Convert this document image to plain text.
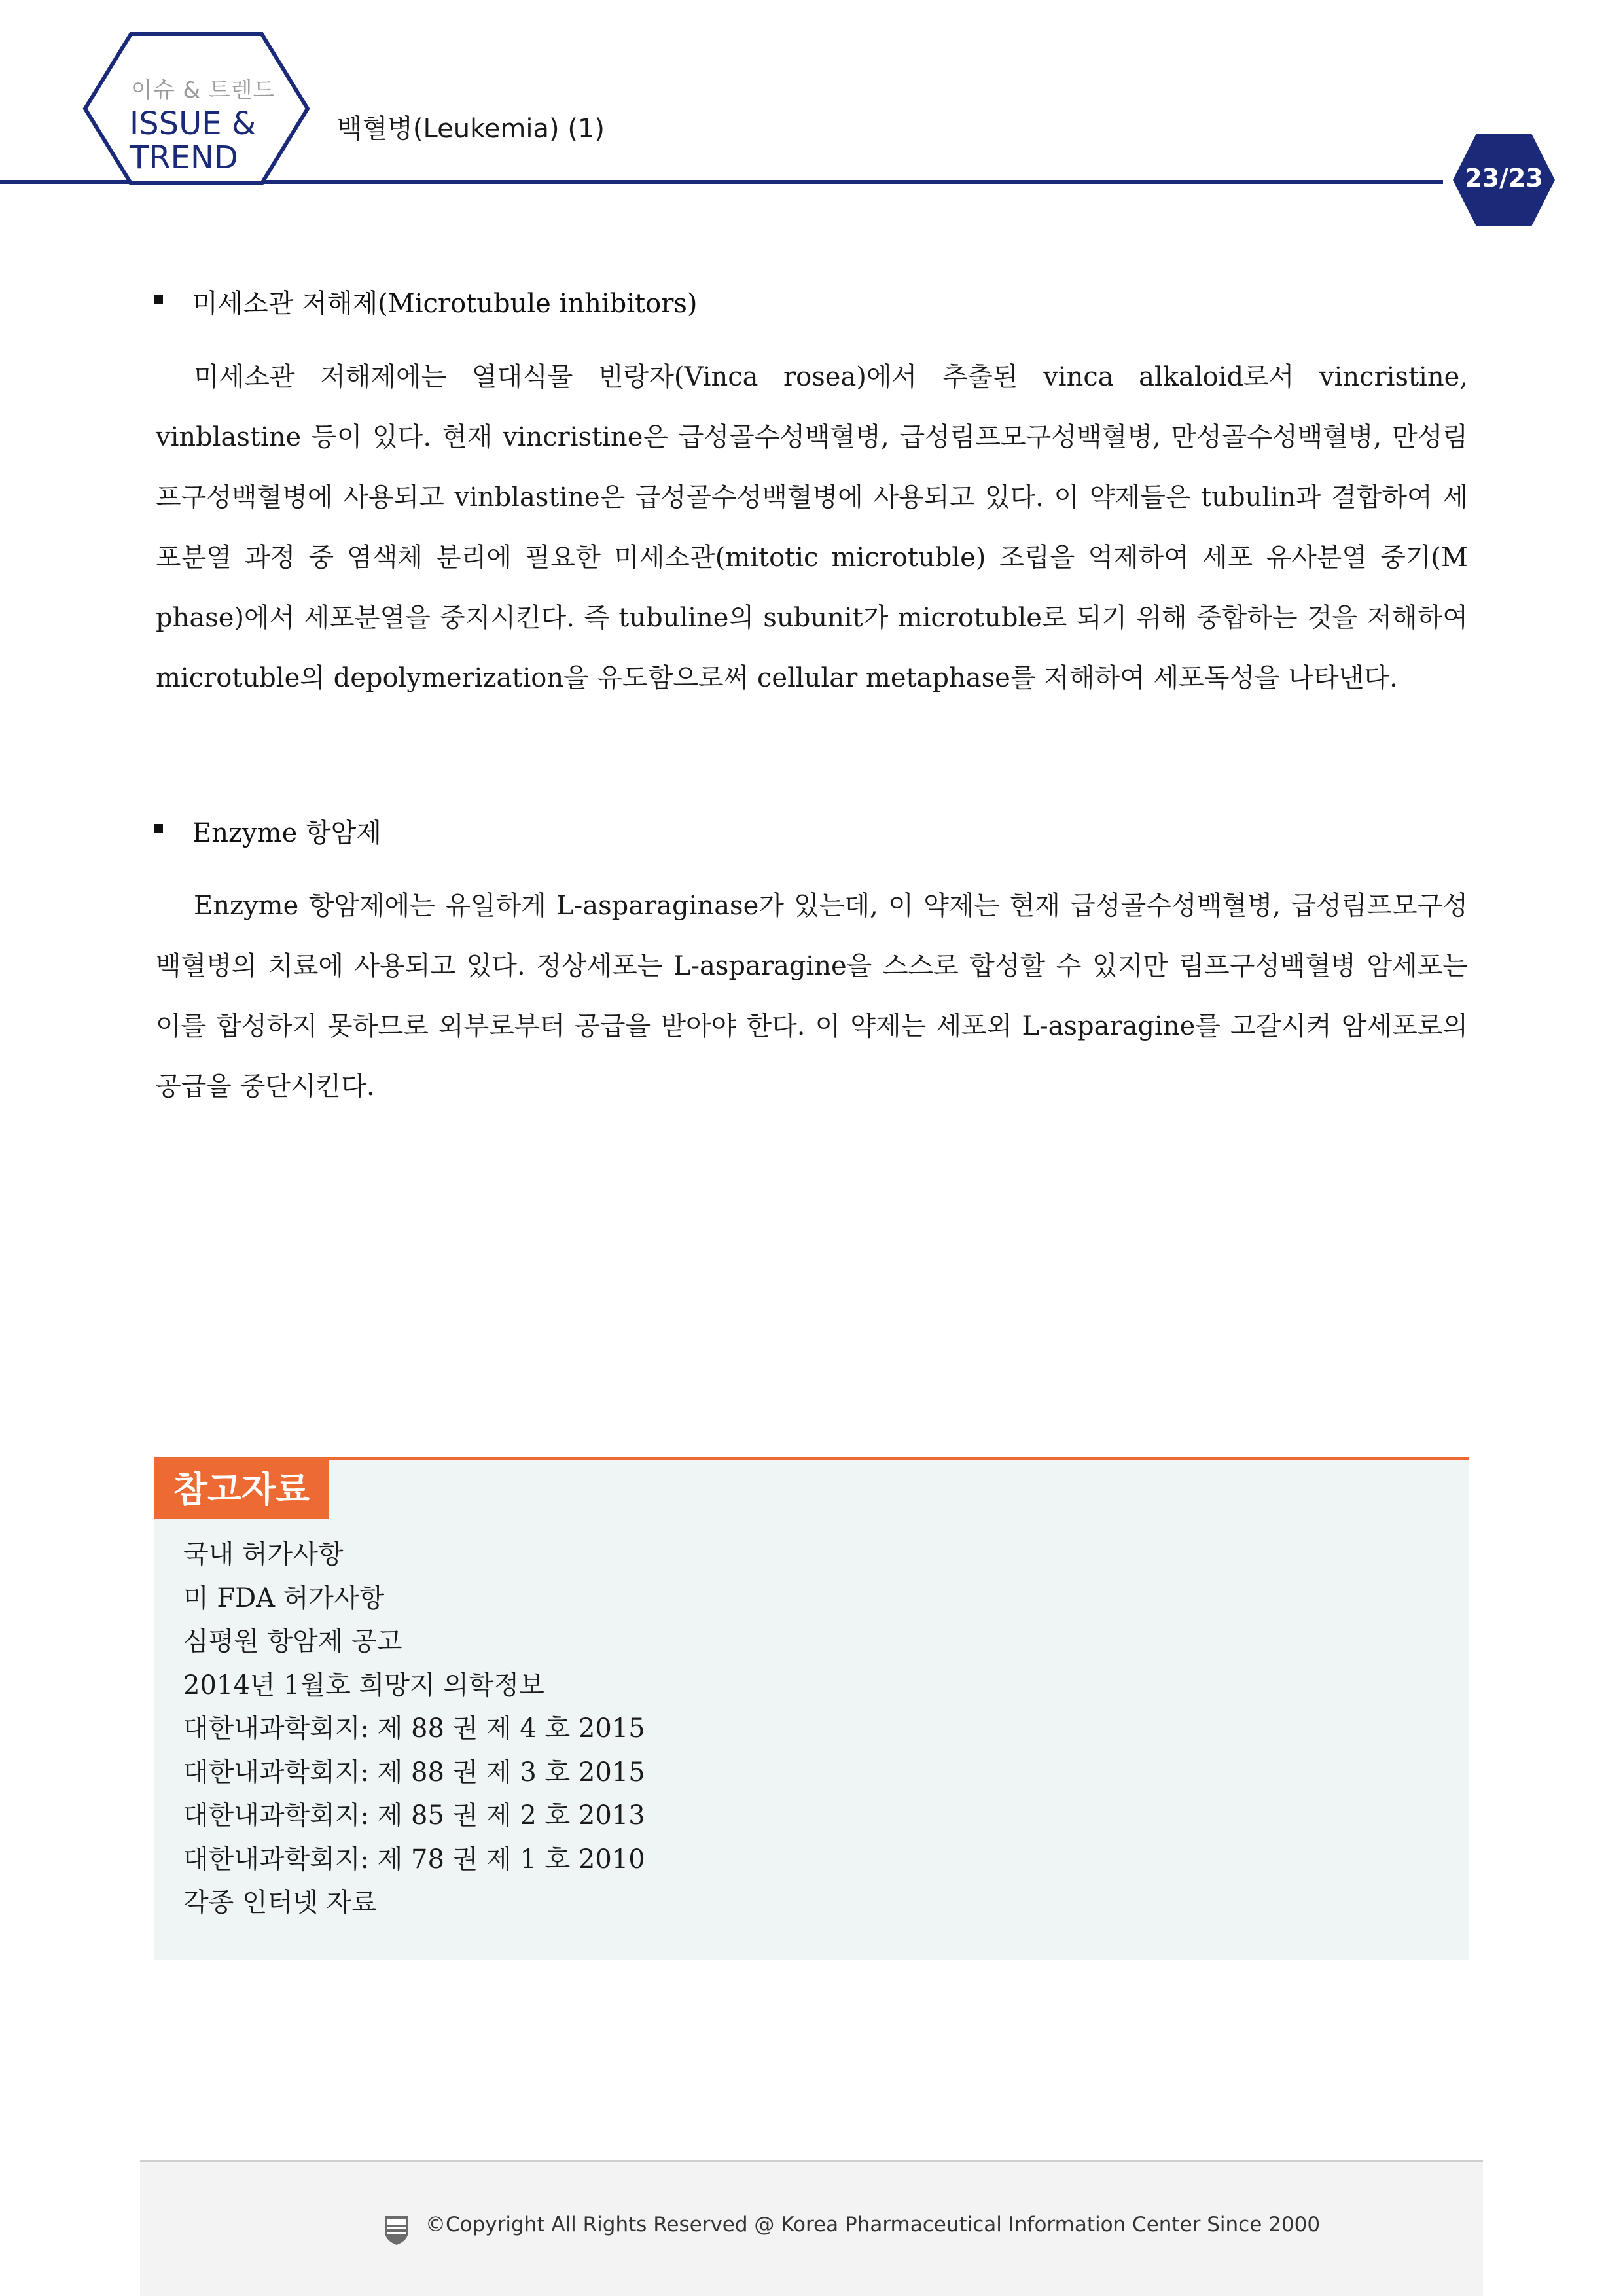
이슈 & 트렌드
ISSUE &
TREND
백혈병(Leukemia) (1)
23/23
미세소관 저해제(Microtubule inhibitors)
미세소관 저해제에는 열대식물 빈랑자(Vinca rosea)에서 추출된 vinca alkaloid로서 vincristine, vinblastine 등이 있다. 현재 vincristine은 급성골수성백혈병, 급성림프모구성백혈병, 만성골수성백혈병, 만성림프구성백혈병에 사용되고 vinblastine은 급성골수성백혈병에 사용되고 있다. 이 약제들은 tubulin과 결합하여 세포분열 과정 중 염색체 분리에 필요한 미세소관(mitotic microtuble) 조립을 억제하여 세포 유사분열 중기(M phase)에서 세포분열을 중지시킨다. 즉 tubuline의 subunit가 microtuble로 되기 위해 중합하는 것을 저해하여 microtuble의 depolymerization을 유도함으로써 cellular metaphase를 저해하여 세포독성을 나타낸다.
Enzyme 항암제
Enzyme 항암제에는 유일하게 L-asparaginase가 있는데, 이 약제는 현재 급성골수성백혈병, 급성림프모구성 백혈병의 치료에 사용되고 있다. 정상세포는 L-asparagine을 스스로 합성할 수 있지만 림프구성백혈병 암세포는 이를 합성하지 못하므로 외부로부터 공급을 받아야 한다. 이 약제는 세포외 L-asparagine를 고갈시켜 암세포로의 공급을 중단시킨다.
참고자료
국내 허가사항
미 FDA 허가사항
심평원 항암제 공고
2014년 1월호 희망지 의학정보
대한내과학회지: 제 88 권 제 4 호 2015
대한내과학회지: 제 88 권 제 3 호 2015
대한내과학회지: 제 85 권 제 2 호 2013
대한내과학회지: 제 78 권 제 1 호 2010
각종 인터넷 자료
©Copyright All Rights Reserved @ Korea Pharmaceutical Information Center Since 2000
